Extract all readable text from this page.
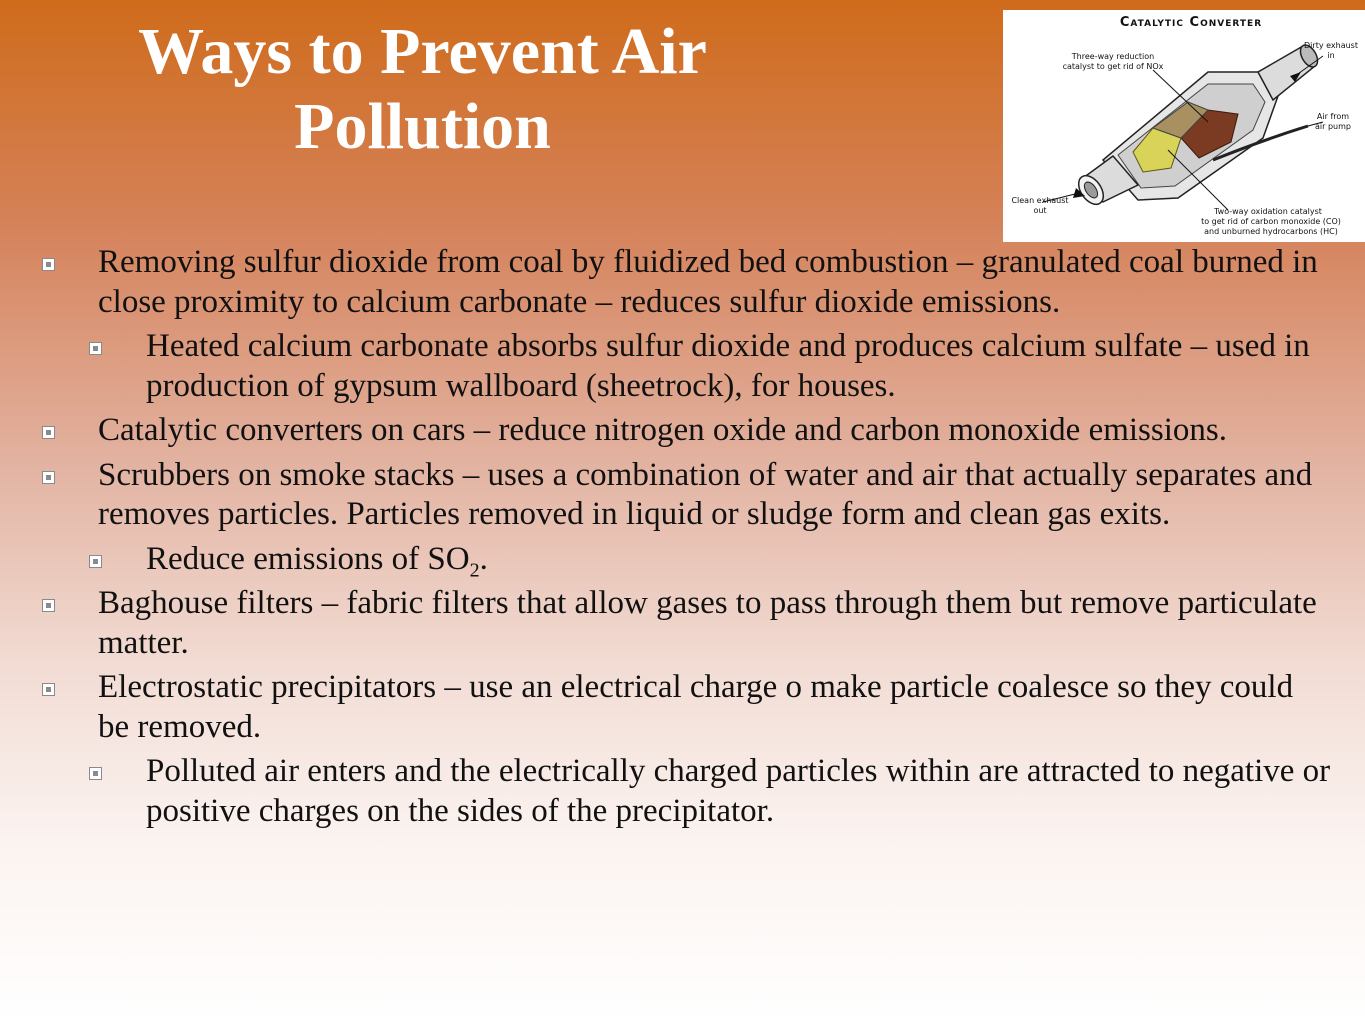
Ways to Prevent Air
Pollution
Catalytic Converter
Three-way reduction
catalyst to get rid of NOx
Dirty exhaust
in
Air from
air pump
Clean exhaust
out	Two-way oxidation catalyst
to get rid of carbon monoxide (CO)
and unburned hydrocarbons (HC)
Removing sulfur dioxide from coal by fluidized bed combustion – granulated coal burned in close proximity to calcium carbonate – reduces sulfur dioxide emissions.
Heated calcium carbonate absorbs sulfur dioxide and produces calcium sulfate – used in production of gypsum wallboard (sheetrock), for houses.
Catalytic converters on cars – reduce nitrogen oxide and carbon monoxide emissions.
Scrubbers on smoke stacks – uses a combination of water and air that actually separates and removes particles. Particles removed in liquid or sludge form and clean gas exits.
Reduce emissions of $SO_2$.
Baghouse filters – fabric filters that allow gases to pass through them but remove particulate matter.
Electrostatic precipitators – use an electrical charge o make particle coalesce so they could be removed.
Polluted air enters and the electrically charged particles within are attracted to negative or positive charges on the sides of the precipitator.
